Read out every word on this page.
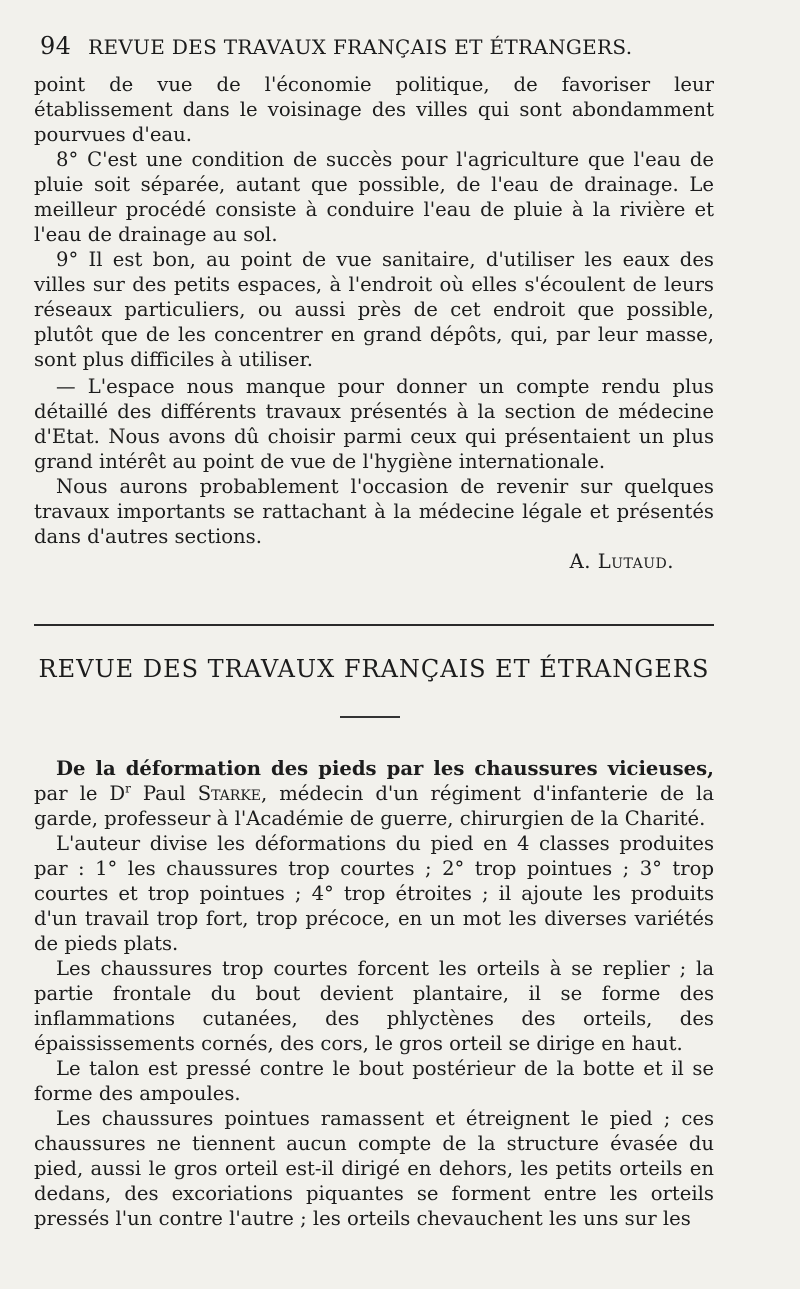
94 REVUE DES TRAVAUX FRANÇAIS ET ÉTRANGERS.

point de vue de l'économie politique, de favoriser leur établissement dans le voisinage des villes qui sont abondamment pourvues d'eau.

8° C'est une condition de succès pour l'agriculture que l'eau de pluie soit séparée, autant que possible, de l'eau de drainage. Le meilleur procédé consiste à conduire l'eau de pluie à la rivière et l'eau de drainage au sol.

9° Il est bon, au point de vue sanitaire, d'utiliser les eaux des villes sur des petits espaces, à l'endroit où elles s'écoulent de leurs réseaux particuliers, ou aussi près de cet endroit que possible, plutôt que de les concentrer en grand dépôts, qui, par leur masse, sont plus difficiles à utiliser.

— L'espace nous manque pour donner un compte rendu plus détaillé des différents travaux présentés à la section de médecine d'Etat. Nous avons dû choisir parmi ceux qui présentaient un plus grand intérêt au point de vue de l'hygiène internationale.

Nous aurons probablement l'occasion de revenir sur quelques travaux importants se rattachant à la médecine légale et présentés dans d'autres sections.

A. Lutaud.
REVUE DES TRAVAUX FRANÇAIS ET ÉTRANGERS

De la déformation des pieds par les chaussures vicieuses, par le $D^r$ Paul Starke, médecin d'un régiment d'infanterie de la garde, professeur à l'Académie de guerre, chirurgien de la Charité.

L'auteur divise les déformations du pied en 4 classes produites par : 1° les chaussures trop courtes ; 2° trop pointues ; 3° trop courtes et trop pointues ; 4° trop étroites ; il ajoute les produits d'un travail trop fort, trop précoce, en un mot les diverses variétés de pieds plats.

Les chaussures trop courtes forcent les orteils à se replier ; la partie frontale du bout devient plantaire, il se forme des inflammations cutanées, des phlyctènes des orteils, des épaississements cornés, des cors, le gros orteil se dirige en haut.

Le talon est pressé contre le bout postérieur de la botte et il se forme des ampoules.

Les chaussures pointues ramassent et étreignent le pied ; ces chaussures ne tiennent aucun compte de la structure évasée du pied, aussi le gros orteil est-il dirigé en dehors, les petits orteils en dedans, des excoriations piquantes se forment entre les orteils pressés l'un contre l'autre ; les orteils chevauchent les uns sur les
